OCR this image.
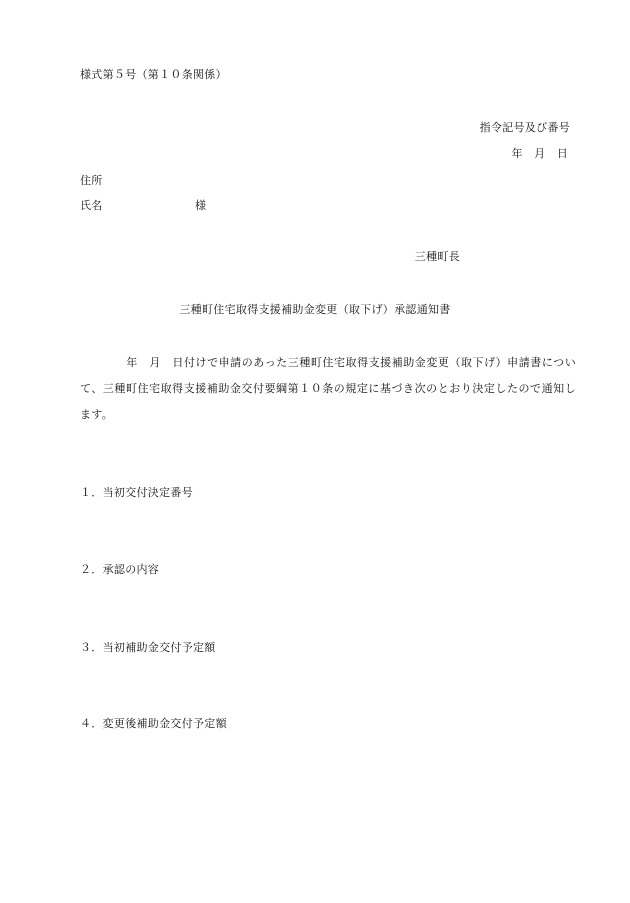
様式第５号（第１０条関係）
指令記号及び番号
年　月　日
住所
氏名	様
三種町長
三種町住宅取得支援補助金変更（取下げ）承認通知書
年　月　日付けで申請のあった三種町住宅取得支援補助金変更（取下げ）申請書について、三種町住宅取得支援補助金交付要綱第１０条の規定に基づき次のとおり決定したので通知します。
１．当初交付決定番号
２．承認の内容
３．当初補助金交付予定額
４．変更後補助金交付予定額
